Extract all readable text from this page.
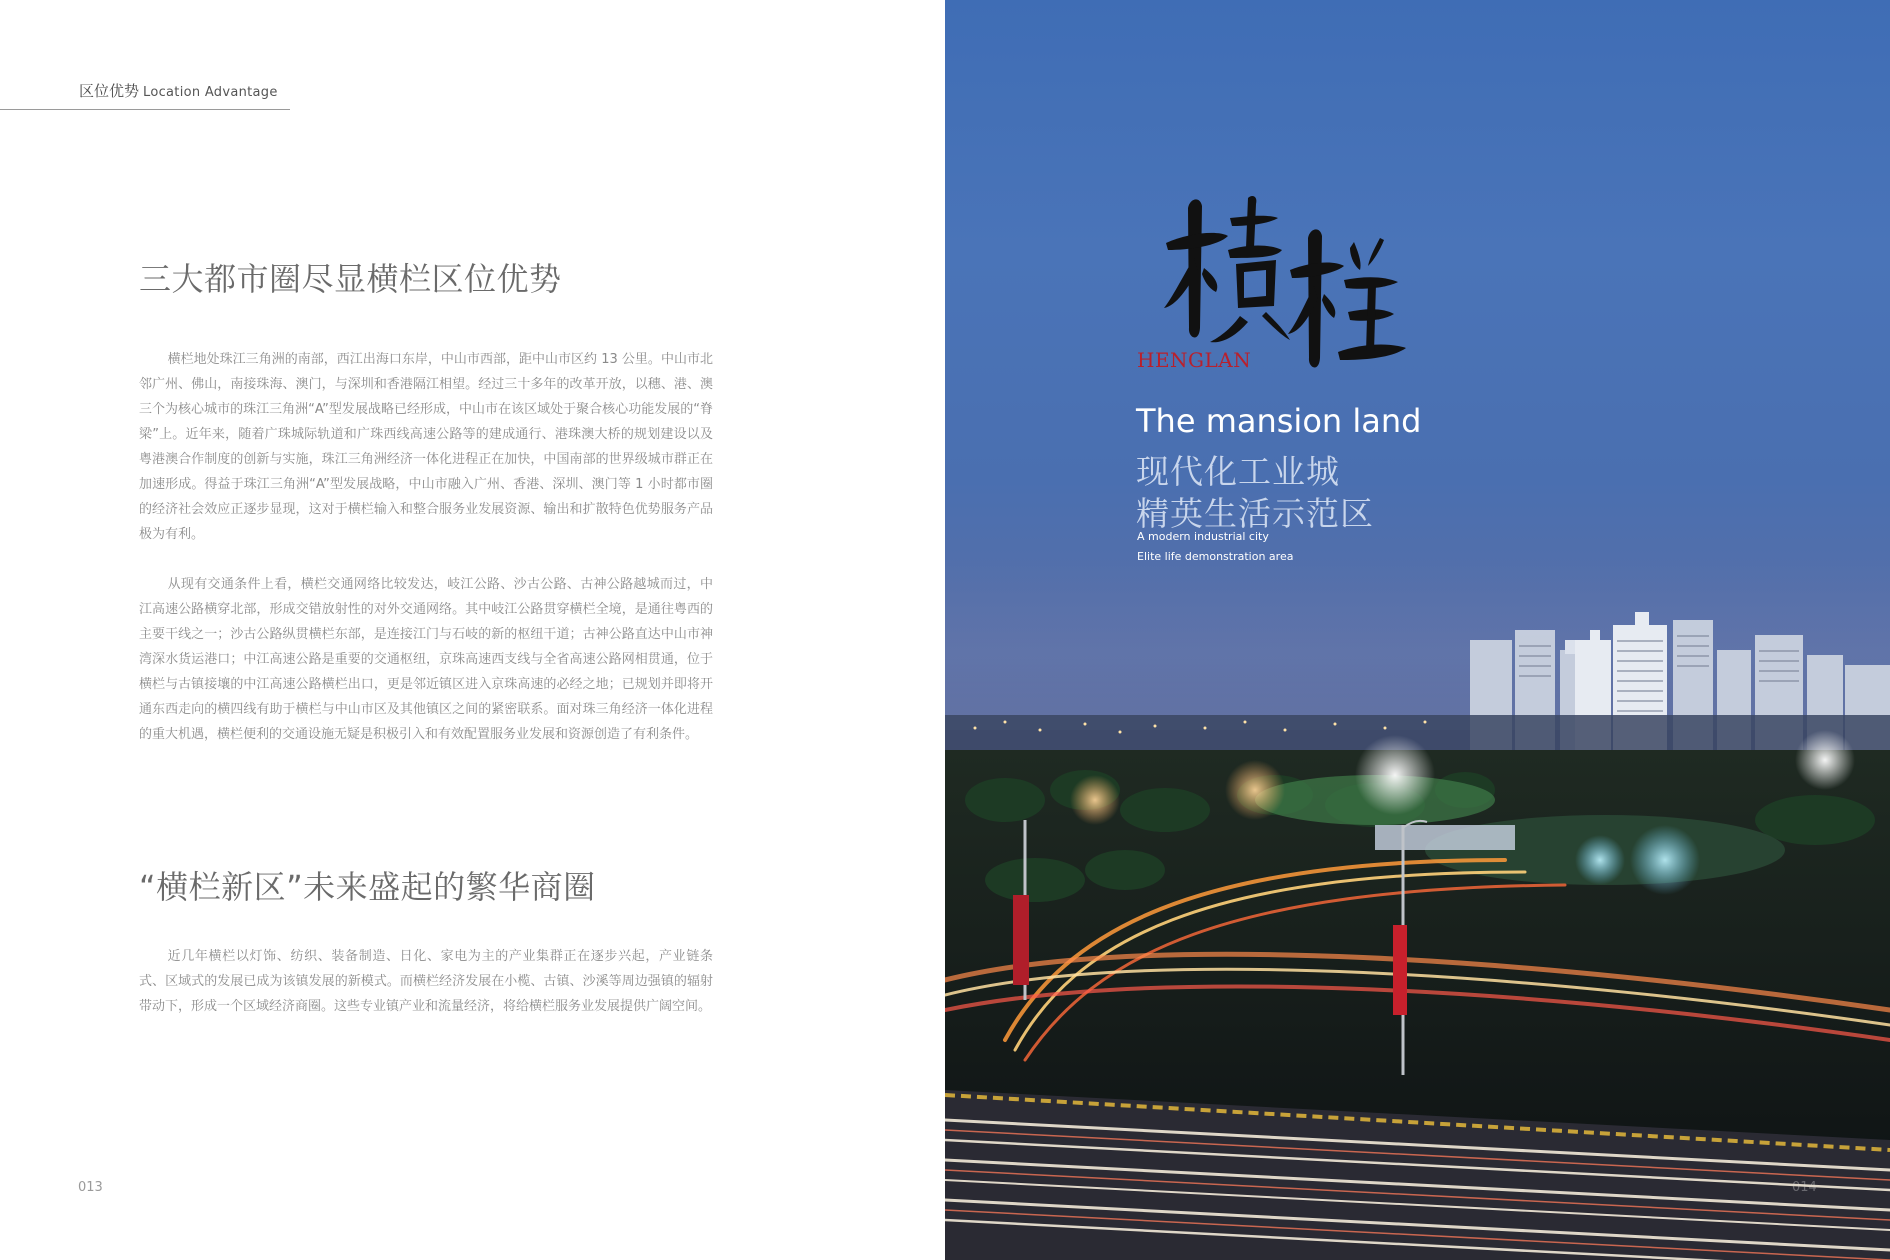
区位优势 Location Advantage
三大都市圈尽显横栏区位优势

横栏地处珠江三角洲的南部，西江出海口东岸，中山市西部，距中山市区约 13 公里。中山市北邻广州、佛山，南接珠海、澳门，与深圳和香港隔江相望。经过三十多年的改革开放，以穗、港、澳三个为核心城市的珠江三角洲“A”型发展战略已经形成，中山市在该区域处于聚合核心功能发展的“脊梁”上。近年来，随着广珠城际轨道和广珠西线高速公路等的建成通行、港珠澳大桥的规划建设以及粤港澳合作制度的创新与实施，珠江三角洲经济一体化进程正在加快，中国南部的世界级城市群正在加速形成。得益于珠江三角洲“A”型发展战略，中山市融入广州、香港、深圳、澳门等 1 小时都市圈的经济社会效应正逐步显现，这对于横栏输入和整合服务业发展资源、输出和扩散特色优势服务产品极为有利。

从现有交通条件上看，横栏交通网络比较发达，岐江公路、沙古公路、古神公路越城而过，中江高速公路横穿北部，形成交错放射性的对外交通网络。其中岐江公路贯穿横栏全境，是通往粤西的主要干线之一；沙古公路纵贯横栏东部，是连接江门与石岐的新的枢纽干道；古神公路直达中山市神湾深水货运港口；中江高速公路是重要的交通枢纽，京珠高速西支线与全省高速公路网相贯通，位于横栏与古镇接壤的中江高速公路横栏出口，更是邻近镇区进入京珠高速的必经之地；已规划并即将开通东西走向的横四线有助于横栏与中山市区及其他镇区之间的紧密联系。面对珠三角经济一体化进程的重大机遇，横栏便利的交通设施无疑是积极引入和有效配置服务业发展和资源创造了有利条件。

“横栏新区”未来盛起的繁华商圈

近几年横栏以灯饰、纺织、装备制造、日化、家电为主的产业集群正在逐步兴起，产业链条式、区域式的发展已成为该镇发展的新模式。而横栏经济发展在小榄、古镇、沙溪等周边强镇的辐射带动下，形成一个区域经济商圈。这些专业镇产业和流量经济，将给横栏服务业发展提供广阔空间。

013	014
HENGLAN
The mansion land
现代化工业城
精英生活示范区
A modern industrial city
Elite life demonstration area
